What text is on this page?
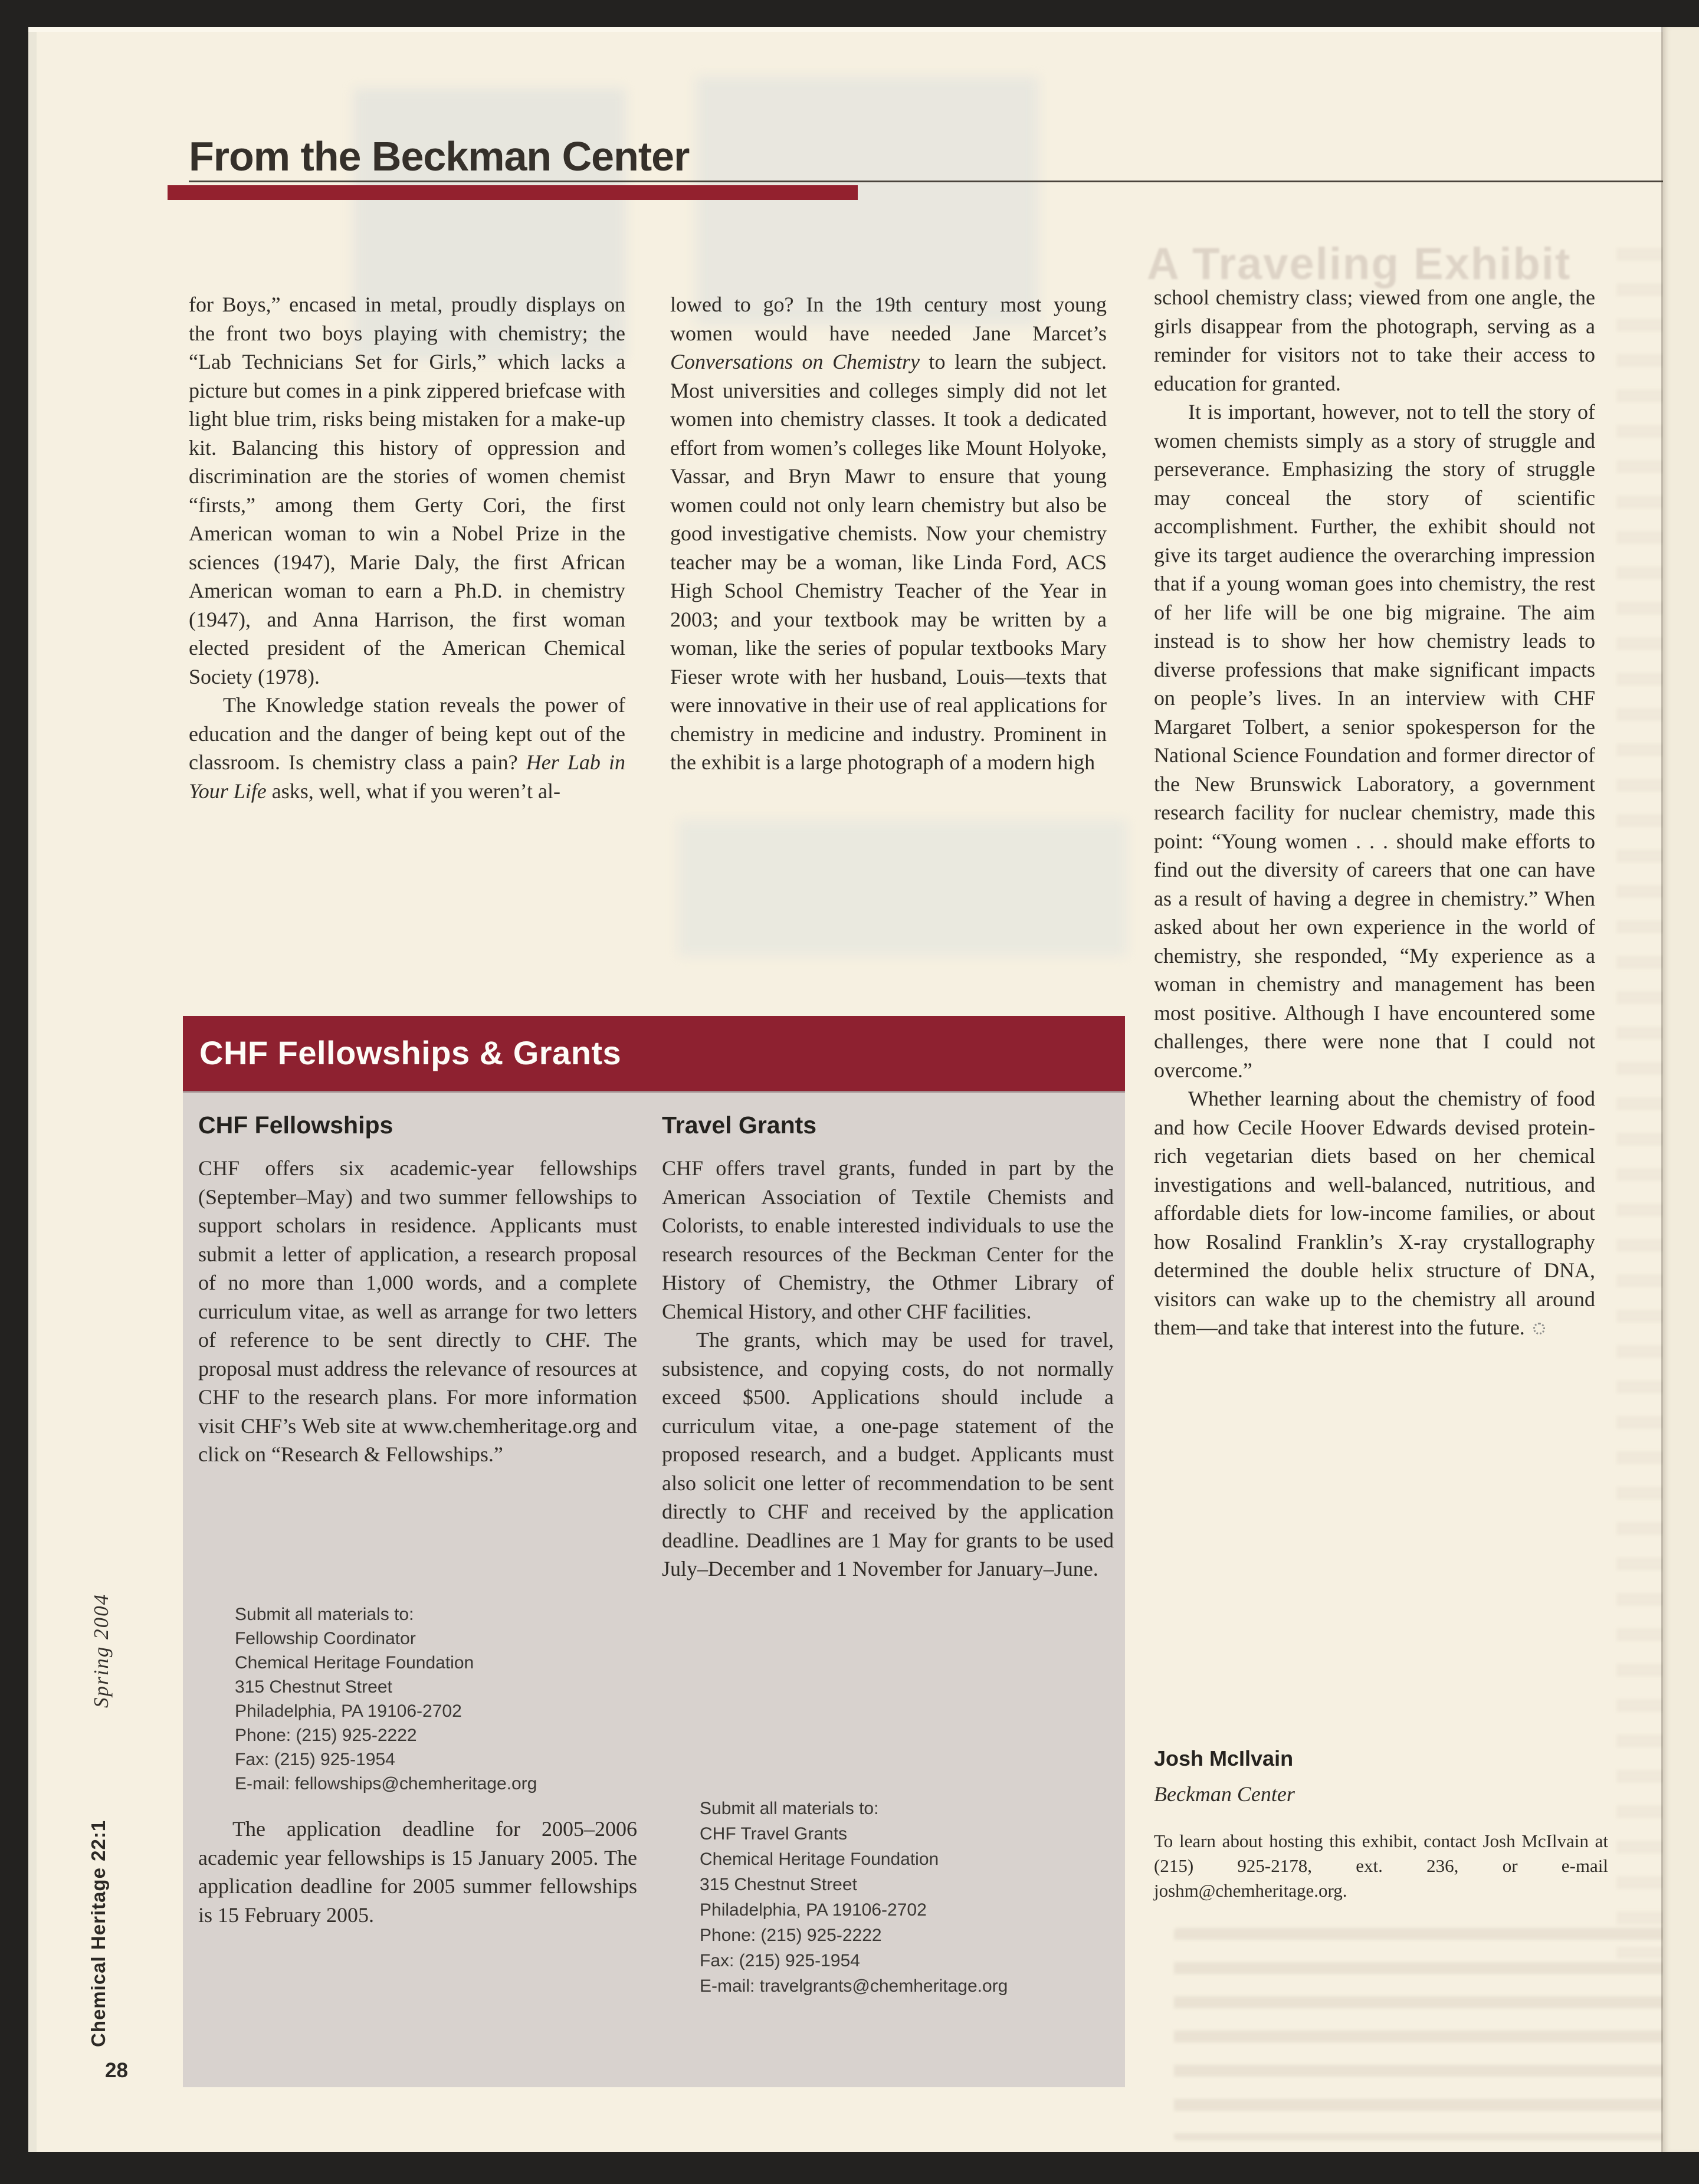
A Traveling Exhibit
From the Beckman Center

for Boys,” encased in metal, proudly displays on the front two boys playing with chemistry; the “Lab Technicians Set for Girls,” which lacks a picture but comes in a pink zippered briefcase with light blue trim, risks being mistaken for a make-up kit. Balancing this history of oppression and discrimination are the stories of women chemist “firsts,” among them Gerty Cori, the first American woman to win a Nobel Prize in the sciences (1947), Marie Daly, the first African American woman to earn a Ph.D. in chemistry (1947), and Anna Harrison, the first woman elected president of the American Chemical Society (1978).

The Knowledge station reveals the power of education and the danger of being kept out of the classroom. Is chemistry class a pain? Her Lab in Your Life asks, well, what if you weren’t al-

lowed to go? In the 19th century most young women would have needed Jane Marcet’s Conversations on Chemistry to learn the subject. Most universities and colleges simply did not let women into chemistry classes. It took a dedicated effort from women’s colleges like Mount Holyoke, Vassar, and Bryn Mawr to ensure that young women could not only learn chemistry but also be good investigative chemists. Now your chemistry teacher may be a woman, like Linda Ford, ACS High School Chemistry Teacher of the Year in 2003; and your textbook may be written by a woman, like the series of popular textbooks Mary Fieser wrote with her husband, Louis—texts that were innovative in their use of real applications for chemistry in medicine and industry. Prominent in the exhibit is a large photograph of a modern high

school chemistry class; viewed from one angle, the girls disappear from the photograph, serving as a reminder for visitors not to take their access to education for granted.

It is important, however, not to tell the story of women chemists simply as a story of struggle and perseverance. Emphasizing the story of struggle may conceal the story of scientific accomplishment. Further, the exhibit should not give its target audience the overarching impression that if a young woman goes into chemistry, the rest of her life will be one big migraine. The aim instead is to show her how chemistry leads to diverse professions that make significant impacts on people’s lives. In an interview with CHF Margaret Tolbert, a senior spokesperson for the National Science Foundation and former director of the New Brunswick Laboratory, a government research facility for nuclear chemistry, made this point: “Young women . . . should make efforts to find out the diversity of careers that one can have as a result of having a degree in chemistry.” When asked about her own experience in the world of chemistry, she responded, “My experience as a woman in chemistry and management has been most positive. Although I have encountered some challenges, there were none that I could not overcome.”

Whether learning about the chemistry of food and how Cecile Hoover Edwards devised protein-rich vegetarian diets based on her chemical investigations and well-balanced, nutritious, and affordable diets for low-income families, or about how Rosalind Franklin’s X-ray crystallography determined the double helix structure of DNA, visitors can wake up to the chemistry all around them—and take that interest into the future.

Josh McIlvain
Beckman Center
To learn about hosting this exhibit, contact Josh McIlvain at (215) 925-2178, ext. 236, or e-mail joshm@chemheritage.org.
CHF Fellowships & Grants
CHF Fellowships

CHF offers six academic-year fellowships (September–May) and two summer fellowships to support scholars in residence. Applicants must submit a letter of application, a research proposal of no more than 1,000 words, and a complete curriculum vitae, as well as arrange for two letters of reference to be sent directly to CHF. The proposal must address the relevance of resources at CHF to the research plans. For more information visit CHF’s Web site at www.chemheritage.org and click on “Research & Fellowships.”

Submit all materials to:
Fellowship Coordinator
Chemical Heritage Foundation
315 Chestnut Street
Philadelphia, PA 19106-2702
Phone: (215) 925-2222
Fax: (215) 925-1954
E-mail: fellowships@chemheritage.org

The application deadline for 2005–2006 academic year fellowships is 15 January 2005. The application deadline for 2005 summer fellowships is 15 February 2005.

Travel Grants

CHF offers travel grants, funded in part by the American Association of Textile Chemists and Colorists, to enable interested individuals to use the research resources of the Beckman Center for the History of Chemistry, the Othmer Library of Chemical History, and other CHF facilities.

The grants, which may be used for travel, subsistence, and copying costs, do not normally exceed $500. Applications should include a curriculum vitae, a one-page statement of the proposed research, and a budget. Applicants must also solicit one letter of recommendation to be sent directly to CHF and received by the application deadline. Deadlines are 1 May for grants to be used July–December and 1 November for January–June.

Submit all materials to:
CHF Travel Grants
Chemical Heritage Foundation
315 Chestnut Street
Philadelphia, PA 19106-2702
Phone: (215) 925-2222
Fax: (215) 925-1954
E-mail: travelgrants@chemheritage.org
Chemical Heritage 22:1
Spring 2004
28
